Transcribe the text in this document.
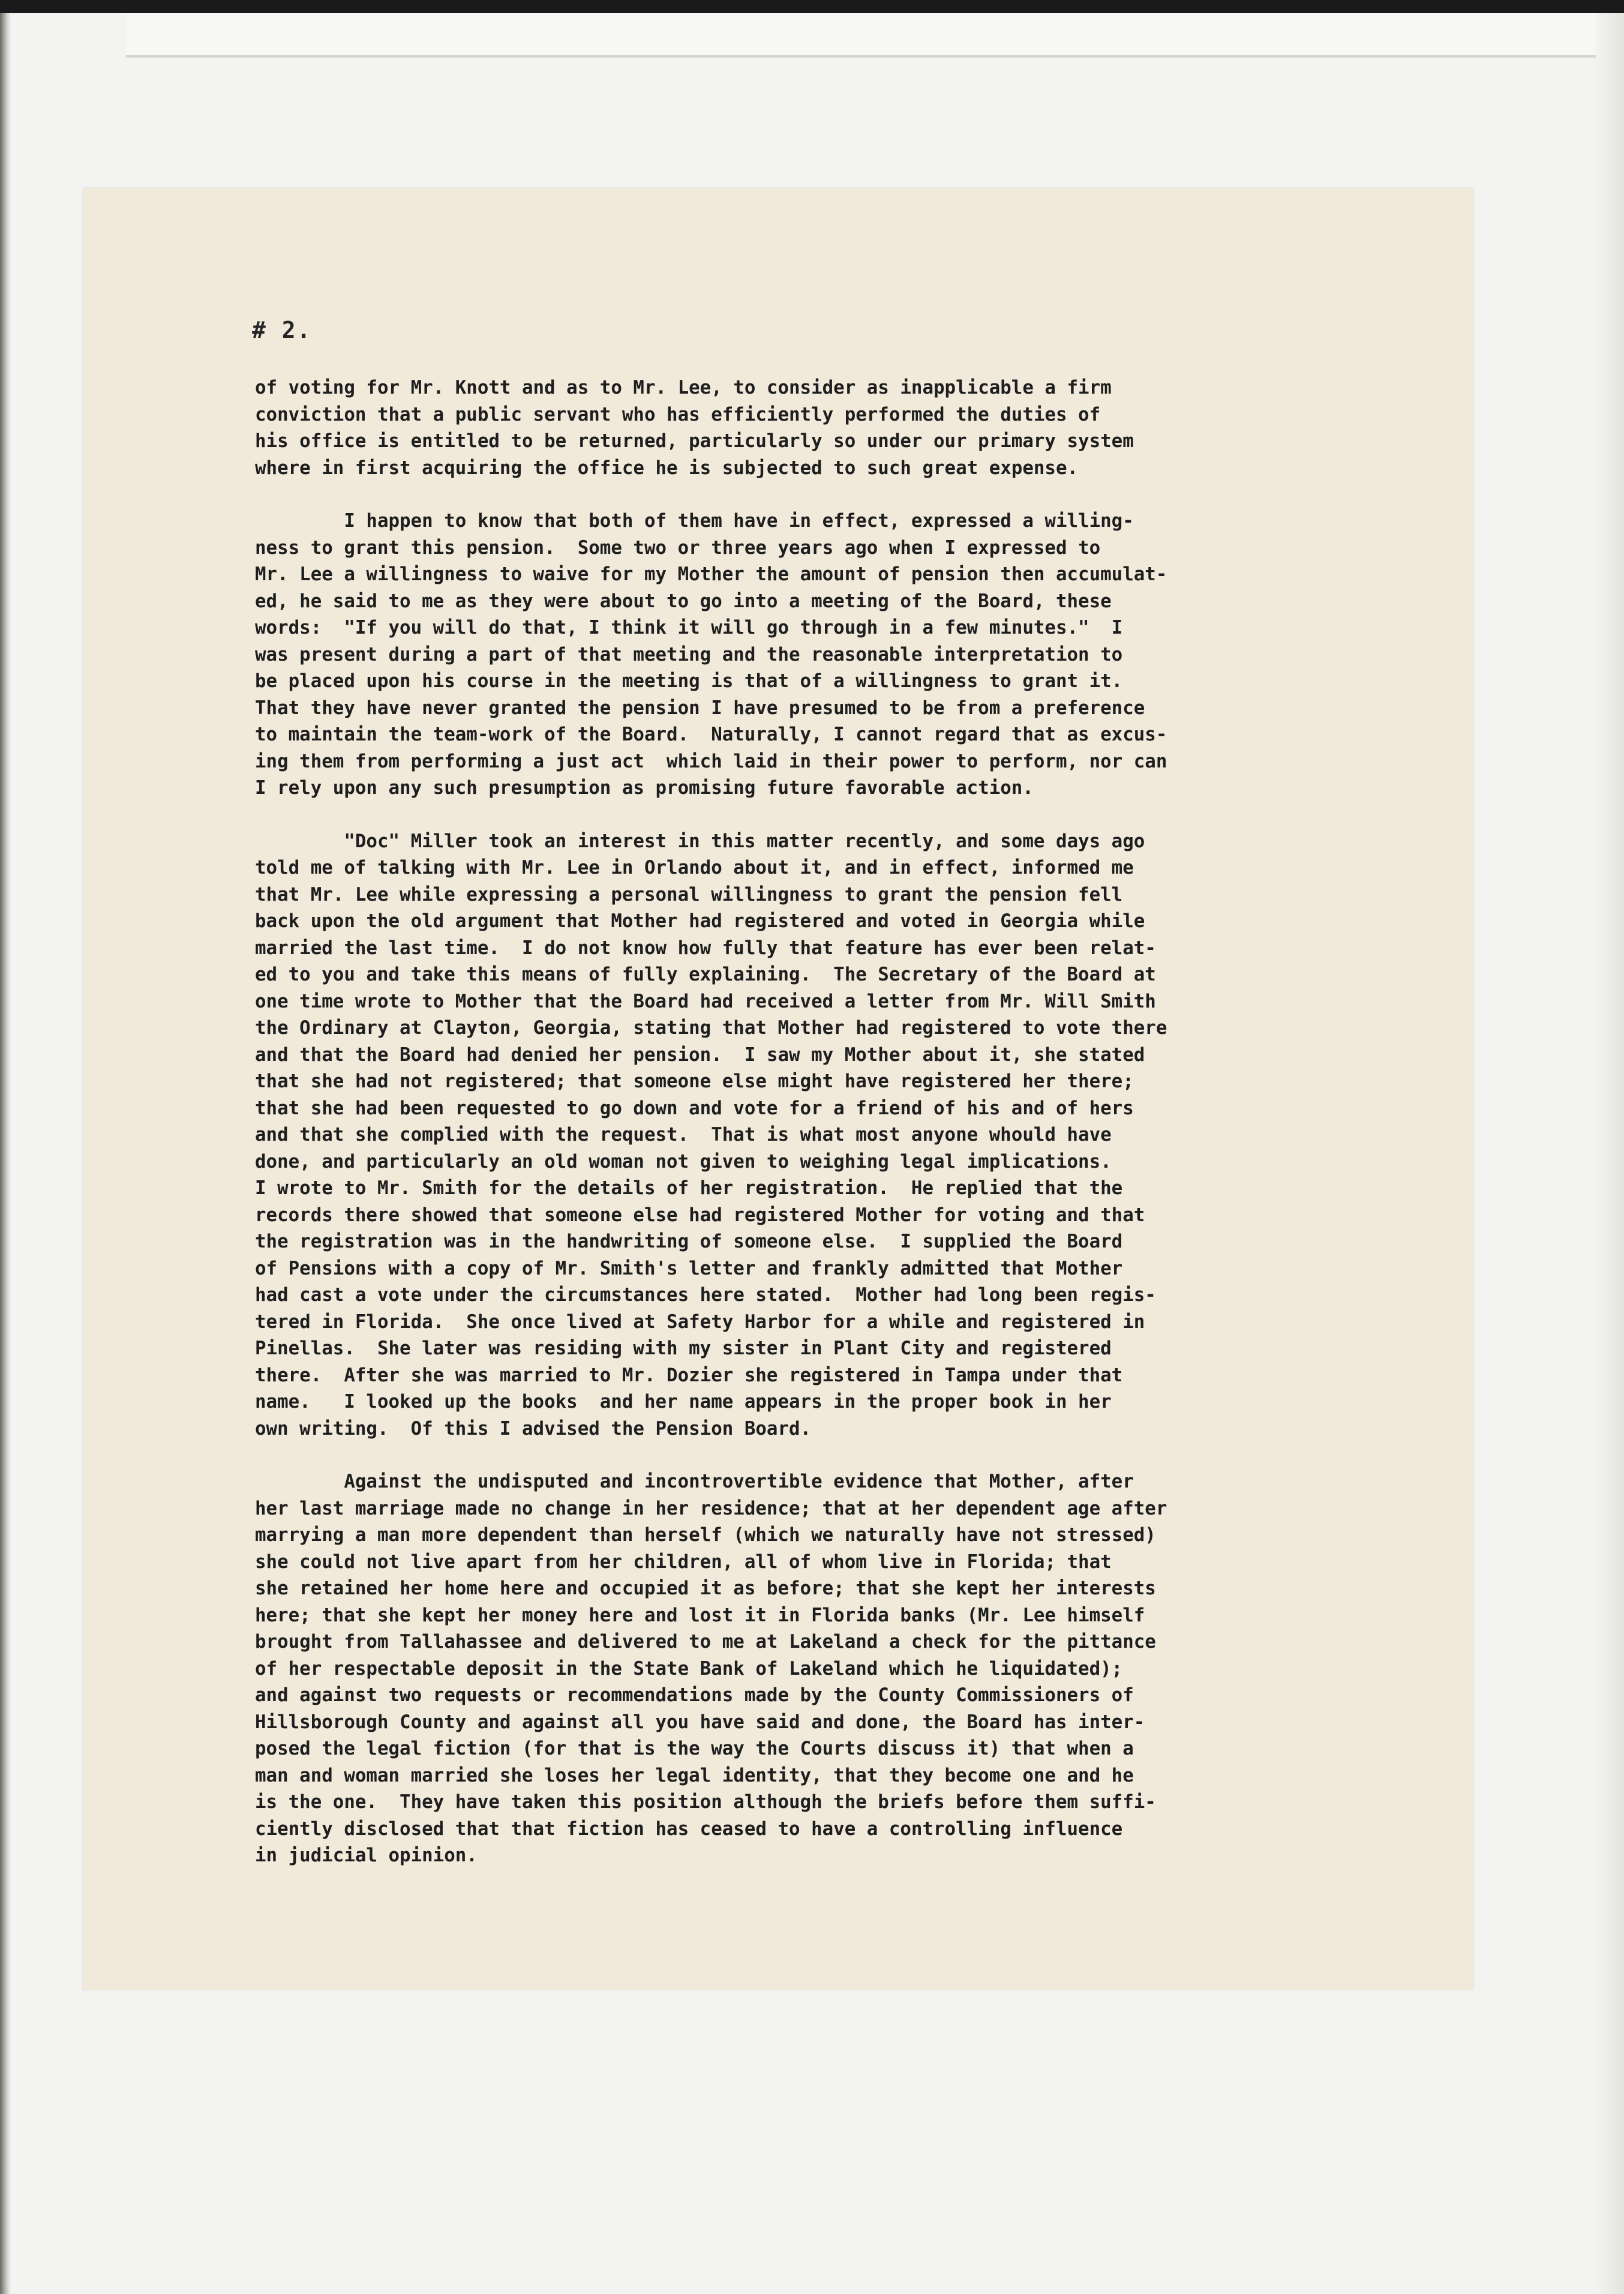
# 2.
of voting for Mr. Knott and as to Mr. Lee, to consider as inapplicable a firm
conviction that a public servant who has efficiently performed the duties of
his office is entitled to be returned, particularly so under our primary system
where in first acquiring the office he is subjected to such great expense.
I happen to know that both of them have in effect, expressed a willing-
ness to grant this pension.  Some two or three years ago when I expressed to
Mr. Lee a willingness to waive for my Mother the amount of pension then accumulat-
ed, he said to me as they were about to go into a meeting of the Board, these
words:  "If you will do that, I think it will go through in a few minutes."  I
was present during a part of that meeting and the reasonable interpretation to
be placed upon his course in the meeting is that of a willingness to grant it.
That they have never granted the pension I have presumed to be from a preference
to maintain the team-work of the Board.  Naturally, I cannot regard that as excus-
ing them from performing a just act  which laid in their power to perform, nor can
I rely upon any such presumption as promising future favorable action.
"Doc" Miller took an interest in this matter recently, and some days ago
told me of talking with Mr. Lee in Orlando about it, and in effect, informed me
that Mr. Lee while expressing a personal willingness to grant the pension fell
back upon the old argument that Mother had registered and voted in Georgia while
married the last time.  I do not know how fully that feature has ever been relat-
ed to you and take this means of fully explaining.  The Secretary of the Board at
one time wrote to Mother that the Board had received a letter from Mr. Will Smith
the Ordinary at Clayton, Georgia, stating that Mother had registered to vote there
and that the Board had denied her pension.  I saw my Mother about it, she stated
that she had not registered; that someone else might have registered her there;
that she had been requested to go down and vote for a friend of his and of hers
and that she complied with the request.  That is what most anyone whould have
done, and particularly an old woman not given to weighing legal implications.
I wrote to Mr. Smith for the details of her registration.  He replied that the
records there showed that someone else had registered Mother for voting and that
the registration was in the handwriting of someone else.  I supplied the Board
of Pensions with a copy of Mr. Smith's letter and frankly admitted that Mother
had cast a vote under the circumstances here stated.  Mother had long been regis-
tered in Florida.  She once lived at Safety Harbor for a while and registered in
Pinellas.  She later was residing with my sister in Plant City and registered
there.  After she was married to Mr. Dozier she registered in Tampa under that
name.   I looked up the books  and her name appears in the proper book in her
own writing.  Of this I advised the Pension Board.
Against the undisputed and incontrovertible evidence that Mother, after
her last marriage made no change in her residence; that at her dependent age after
marrying a man more dependent than herself (which we naturally have not stressed)
she could not live apart from her children, all of whom live in Florida; that
she retained her home here and occupied it as before; that she kept her interests
here; that she kept her money here and lost it in Florida banks (Mr. Lee himself
brought from Tallahassee and delivered to me at Lakeland a check for the pittance
of her respectable deposit in the State Bank of Lakeland which he liquidated);
and against two requests or recommendations made by the County Commissioners of
Hillsborough County and against all you have said and done, the Board has inter-
posed the legal fiction (for that is the way the Courts discuss it) that when a
man and woman married she loses her legal identity, that they become one and he
is the one.  They have taken this position although the briefs before them suffi-
ciently disclosed that that fiction has ceased to have a controlling influence
in judicial opinion.
